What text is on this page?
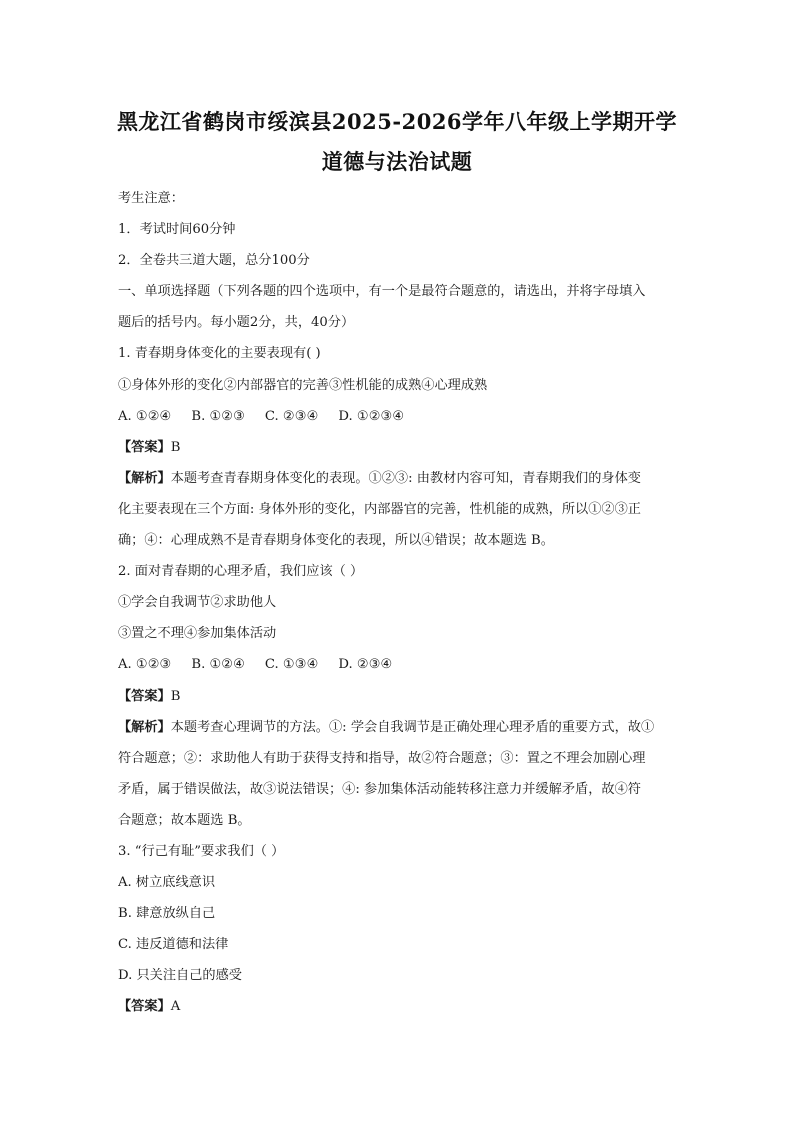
黑龙江省鹤岗市绥滨县2025-2026学年八年级上学期开学
道德与法治试题
考生注意：
1．考试时间60分钟
2．全卷共三道大题，总分100分
一、单项选择题（下列各题的四个选项中，有一个是最符合题意的，请选出，并将字母填入
题后的括号内。每小题2分，共，40分）
1. 青春期身体变化的主要表现有( )
①身体外形的变化②内部器官的完善③性机能的成熟④心理成熟
A. ①②④ B. ①②③ C. ②③④ D. ①②③④
【答案】B
【解析】本题考查青春期身体变化的表现。①②③: 由教材内容可知，青春期我们的身体变
化主要表现在三个方面: 身体外形的变化，内部器官的完善，性机能的成熟，所以①②③正
确；④：心理成熟不是青春期身体变化的表现，所以④错误；故本题选 B。
2. 面对青春期的心理矛盾，我们应该（ ）
①学会自我调节②求助他人
③置之不理④参加集体活动
A. ①②③ B. ①②④ C. ①③④ D. ②③④
【答案】B
【解析】本题考查心理调节的方法。①: 学会自我调节是正确处理心理矛盾的重要方式，故①
符合题意；②：求助他人有助于获得支持和指导，故②符合题意；③：置之不理会加剧心理
矛盾，属于错误做法，故③说法错误；④: 参加集体活动能转移注意力并缓解矛盾，故④符
合题意；故本题选 B。
3. “行己有耻”要求我们（ ）
A. 树立底线意识
B. 肆意放纵自己
C. 违反道德和法律
D. 只关注自己的感受
【答案】A
